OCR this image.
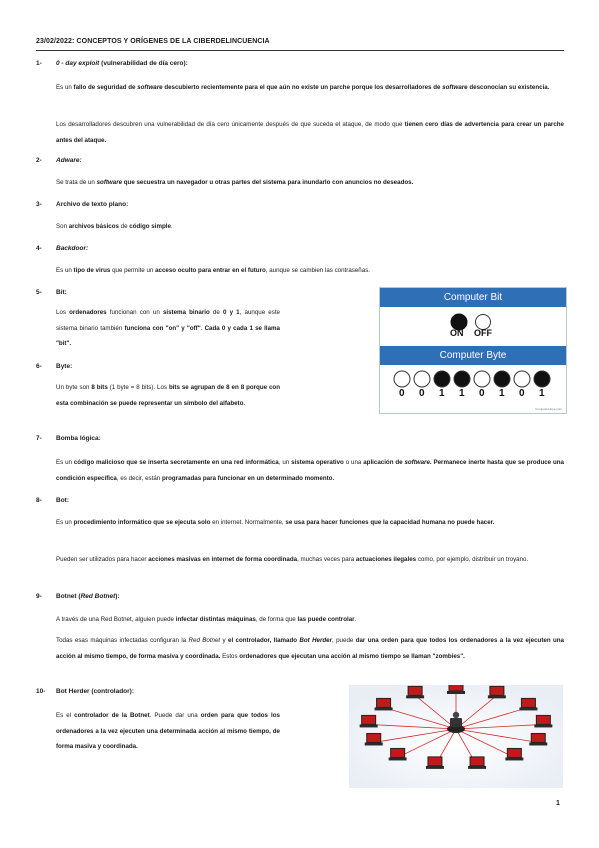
23/02/2022: CONCEPTOS Y ORÍGENES DE LA CIBERDELINCUENCIA
1- 0 - day exploit (vulnerabilidad de día cero):
Es un fallo de seguridad de software descubierto recientemente para el que aún no existe un parche porque los desarrolladores de software desconocían su existencia.
Los desarrolladores descubren una vulnerabilidad de día cero únicamente después de que suceda el ataque, de modo que tienen cero días de advertencia para crear un parche antes del ataque.
2- Adware:
Se trata de un software que secuestra un navegador u otras partes del sistema para inundarlo con anuncios no deseados.
3- Archivo de texto plano:
Son archivos básicos de código simple.
4- Backdoor:
Es un tipo de virus que permite un acceso oculto para entrar en el futuro, aunque se cambien las contraseñas.
5- Bit:
Los ordenadores funcionan con un sistema binario de 0 y 1, aunque este sistema binario también funciona con "on" y "off". Cada 0 y cada 1 se llama "bit".
6- Byte:
Un byte son 8 bits (1 byte = 8 bits). Los bits se agrupan de 8 en 8 porque con esta combinación se puede representar un símbolo del alfabeto.
7- Bomba lógica:
Es un código malicioso que se inserta secretamente en una red informática, un sistema operativo o una aplicación de software. Permanece inerte hasta que se produce una condición específica, es decir, están programadas para funcionar en un determinado momento.
8- Bot:
Es un procedimiento informático que se ejecuta solo en internet. Normalmente, se usa para hacer funciones que la capacidad humana no puede hacer.
Pueden ser utilizados para hacer acciones masivas en internet de forma coordinada, muchas veces para actuaciones ilegales como, por ejemplo, distribuir un troyano.
9- Botnet (Red Botnet):
A través de una Red Botnet, alguien puede infectar distintas máquinas, de forma que las puede controlar.
Todas esas máquinas infectadas configuran la Red Botnet y el controlador, llamado Bot Herder, puede dar una orden para que todos los ordenadores a la vez ejecuten una acción al mismo tiempo, de forma masiva y coordinada. Estos ordenadores que ejecutan una acción al mismo tiempo se llaman "zombies".
10- Bot Herder (controlador):
Es el controlador de la Botnet. Puede dar una orden para que todos los ordenadores a la vez ejecuten una determinada acción al mismo tiempo, de forma masiva y coordinada.
Computer Bit
ON OFF
Computer Byte
0 0 1 1 0 1 0 1
ComputerHope.com
1
